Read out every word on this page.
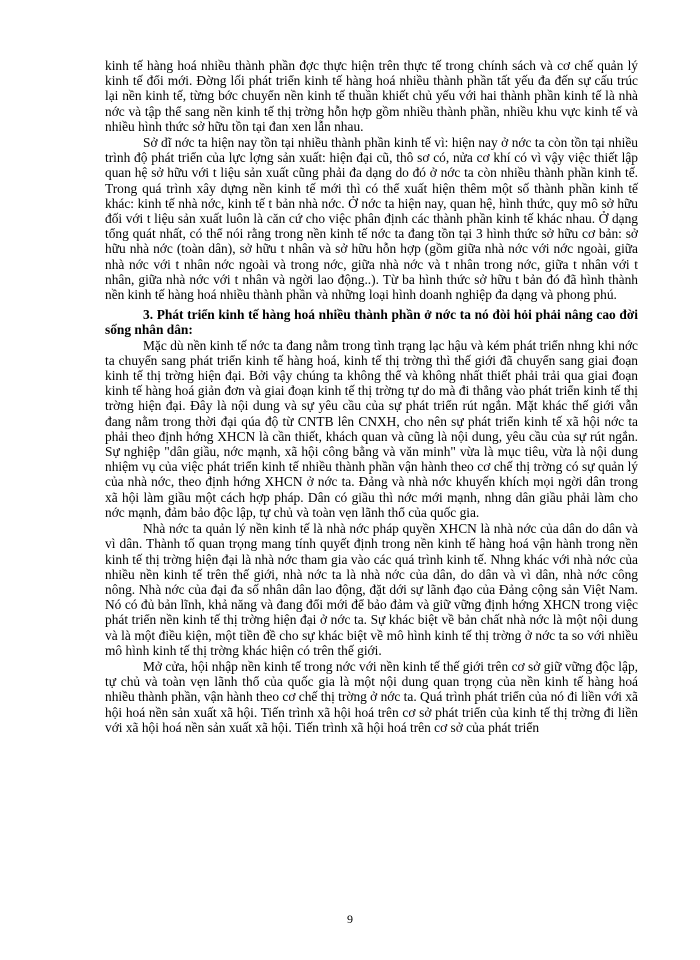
kinh tế hàng hoá nhiều thành phần đợc thực hiện trên thực tế trong chính sách và cơ chế quản lý kinh tế đổi mới. Đờng lối phát triển kinh tế hàng hoá nhiều thành phần tất yếu đa đến sự cấu trúc lại nền kinh tế, từng bớc chuyển nền kinh tế thuần khiết chủ yếu với hai thành phần kinh tế là nhà nớc và tập thể sang nền kinh tế thị trờng hỗn hợp gồm nhiều thành phần, nhiều khu vực kinh tế và nhiều hình thức sở hữu tồn tại đan xen lẫn nhau.

Sở dĩ nớc ta hiện nay tồn tại nhiều thành phần kinh tế vì: hiện nay ở nớc ta còn tồn tại nhiều trình độ phát triển của lực lợng sản xuất: hiện đại cũ, thô sơ có, nửa cơ khí có vì vậy việc thiết lập quan hệ sở hữu với t liệu sản xuất cũng phải đa dạng do đó ở nớc ta còn nhiều thành phần kinh tế. Trong quá trình xây dựng nền kinh tế mới thì có thể xuất hiện thêm một số thành phần kinh tế khác: kinh tế nhà nớc, kinh tế t bản nhà nớc. Ở nớc ta hiện nay, quan hệ, hình thức, quy mô sở hữu đối với t liệu sản xuất luôn là căn cứ cho việc phân định các thành phần kinh tế khác nhau. Ở dạng tổng quát nhất, có thể nói rằng trong nền kinh tế nớc ta đang tồn tại 3 hình thức sở hữu cơ bản: sở hữu nhà nớc (toàn dân), sở hữu t nhân và sở hữu hỗn hợp (gồm giữa nhà nớc với nớc ngoài, giữa nhà nớc với t nhân nớc ngoài và trong nớc, giữa nhà nớc và t nhân trong nớc, giữa t nhân với t nhân, giữa nhà nớc với t nhân và ngời lao động..). Từ ba hình thức sở hữu t bản đó đã hình thành nền kinh tế hàng hoá nhiều thành phần và những loại hình doanh nghiệp đa dạng và phong phú.

3. Phát triển kinh tế hàng hoá nhiều thành phần ở nớc ta nó đòi hỏi phải nâng cao đời sống nhân dân:

Mặc dù nền kinh tế nớc ta đang nằm trong tình trạng lạc hậu và kém phát triển nhng khi nớc ta chuyển sang phát triển kinh tế hàng hoá, kinh tế thị trờng thì thế giới đã chuyển sang giai đoạn kinh tế thị trờng hiện đại. Bởi vậy chúng ta không thể và không nhất thiết phải trải qua giai đoạn kinh tế hàng hoá giản đơn và giai đoạn kinh tế thị trờng tự do mà đi thẳng vào phát triển kinh tế thị trờng hiện đại. Đây là nội dung và sự yêu cầu của sự phát triển rút ngắn. Mặt khác thế giới vẫn đang nằm trong thời đại qúa độ từ CNTB lên CNXH, cho nên sự phát triển kinh tế xã hội nớc ta phải theo định hớng XHCN là cần thiết, khách quan và cũng là nội dung, yêu cầu của sự rút ngắn. Sự nghiệp "dân giầu, nớc mạnh, xã hội công bằng và văn minh" vừa là mục tiêu, vừa là nội dung nhiệm vụ của việc phát triển kinh tế nhiều thành phần vận hành theo cơ chế thị trờng có sự quản lý của nhà nớc, theo định hớng XHCN ở nớc ta. Đảng và nhà nớc khuyến khích mọi ngời dân trong xã hội làm giầu một cách hợp pháp. Dân có giầu thì nớc mới mạnh, nhng dân giầu phải làm cho nớc mạnh, đảm bảo độc lập, tự chủ và toàn vẹn lãnh thổ của quốc gia.

Nhà nớc ta quản lý nền kinh tế là nhà nớc pháp quyền XHCN là nhà nớc của dân do dân và vì dân. Thành tố quan trọng mang tính quyết định trong nền kinh tế hàng hoá vận hành trong nền kinh tế thị trờng hiện đại là nhà nớc tham gia vào các quá trình kinh tế. Nhng khác với nhà nớc của nhiều nền kinh tế trên thế giới, nhà nớc ta là nhà nớc của dân, do dân và vì dân, nhà nớc công nông. Nhà nớc của đại đa số nhân dân lao động, đặt dới sự lãnh đạo của Đảng cộng sản Việt Nam. Nó có đủ bản lĩnh, khả năng và đang đổi mới để bảo đảm và giữ vững định hớng XHCN trong việc phát triển nền kinh tế thị trờng hiện đại ở nớc ta. Sự khác biệt về bản chất nhà nớc là một nội dung và là một điều kiện, một tiền đề cho sự khác biệt về mô hình kinh tế thị trờng ở nớc ta so với nhiều mô hình kinh tế thị trờng khác hiện có trên thế giới.

Mở cửa, hội nhập nền kinh tế trong nớc với nền kinh tế thế giới trên cơ sở giữ vững độc lập, tự chủ và toàn vẹn lãnh thổ của quốc gia là một nội dung quan trọng của nền kinh tế hàng hoá nhiều thành phần, vận hành theo cơ chế thị trờng ở nớc ta. Quá trình phát triển của nó đi liền với xã hội hoá nền sản xuất xã hội. Tiến trình xã hội hoá trên cơ sở phát triển của kinh tế thị trờng đi liền với xã hội hoá nền sản xuất xã hội. Tiến trình xã hội hoá trên cơ sở của phát triển

9
